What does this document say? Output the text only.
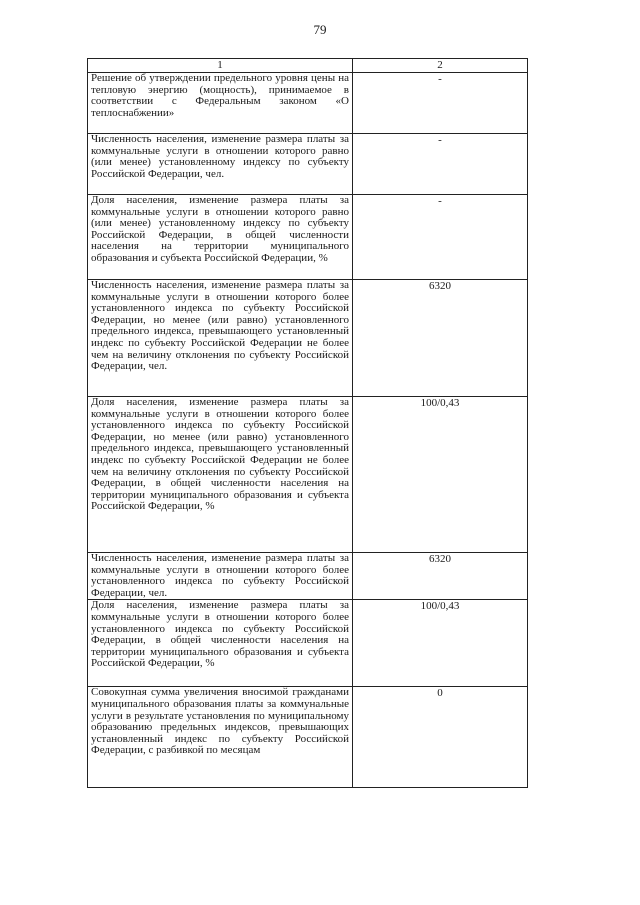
79
1	2
Решение об утверждении предельного уровня цены на тепловую энергию (мощность), принимаемое в соответствии с Федеральным законом «О теплоснабжении»	-
Численность населения, изменение размера платы за коммунальные услуги в отношении которого равно (или менее) установленному индексу по субъекту Российской Федерации, чел.	-
Доля населения, изменение размера платы за коммунальные услуги в отношении которого равно (или менее) установленному индексу по субъекту Российской Федерации, в общей численности населения на территории муниципального образования и субъекта Российской Федерации, %	-
Численность населения, изменение размера платы за коммунальные услуги в отношении которого более установленного индекса по субъекту Российской Федерации, но менее (или равно) установленного предельного индекса, превышающего установленный индекс по субъекту Российской Федерации не более чем на величину отклонения по субъекту Российской Федерации, чел.	6320
Доля населения, изменение размера платы за коммунальные услуги в отношении которого более установленного индекса по субъекту Российской Федерации, но менее (или равно) установленного предельного индекса, превышающего установленный индекс по субъекту Российской Федерации не более чем на величину отклонения по субъекту Российской Федерации, в общей численности населения на территории муниципального образования и субъекта Российской Федерации, %	100/0,43
Численность населения, изменение размера платы за коммунальные услуги в отношении которого более установленного индекса по субъекту Российской Федерации, чел.	6320
Доля населения, изменение размера платы за коммунальные услуги в отношении которого более установленного индекса по субъекту Российской Федерации, в общей численности населения на территории муниципального образования и субъекта Российской Федерации, %	100/0,43
Совокупная сумма увеличения вносимой гражданами муниципального образования платы за коммунальные услуги в результате установления по муниципальному образованию предельных индексов, превышающих установленный индекс по субъекту Российской Федерации, с разбивкой по месяцам	0
